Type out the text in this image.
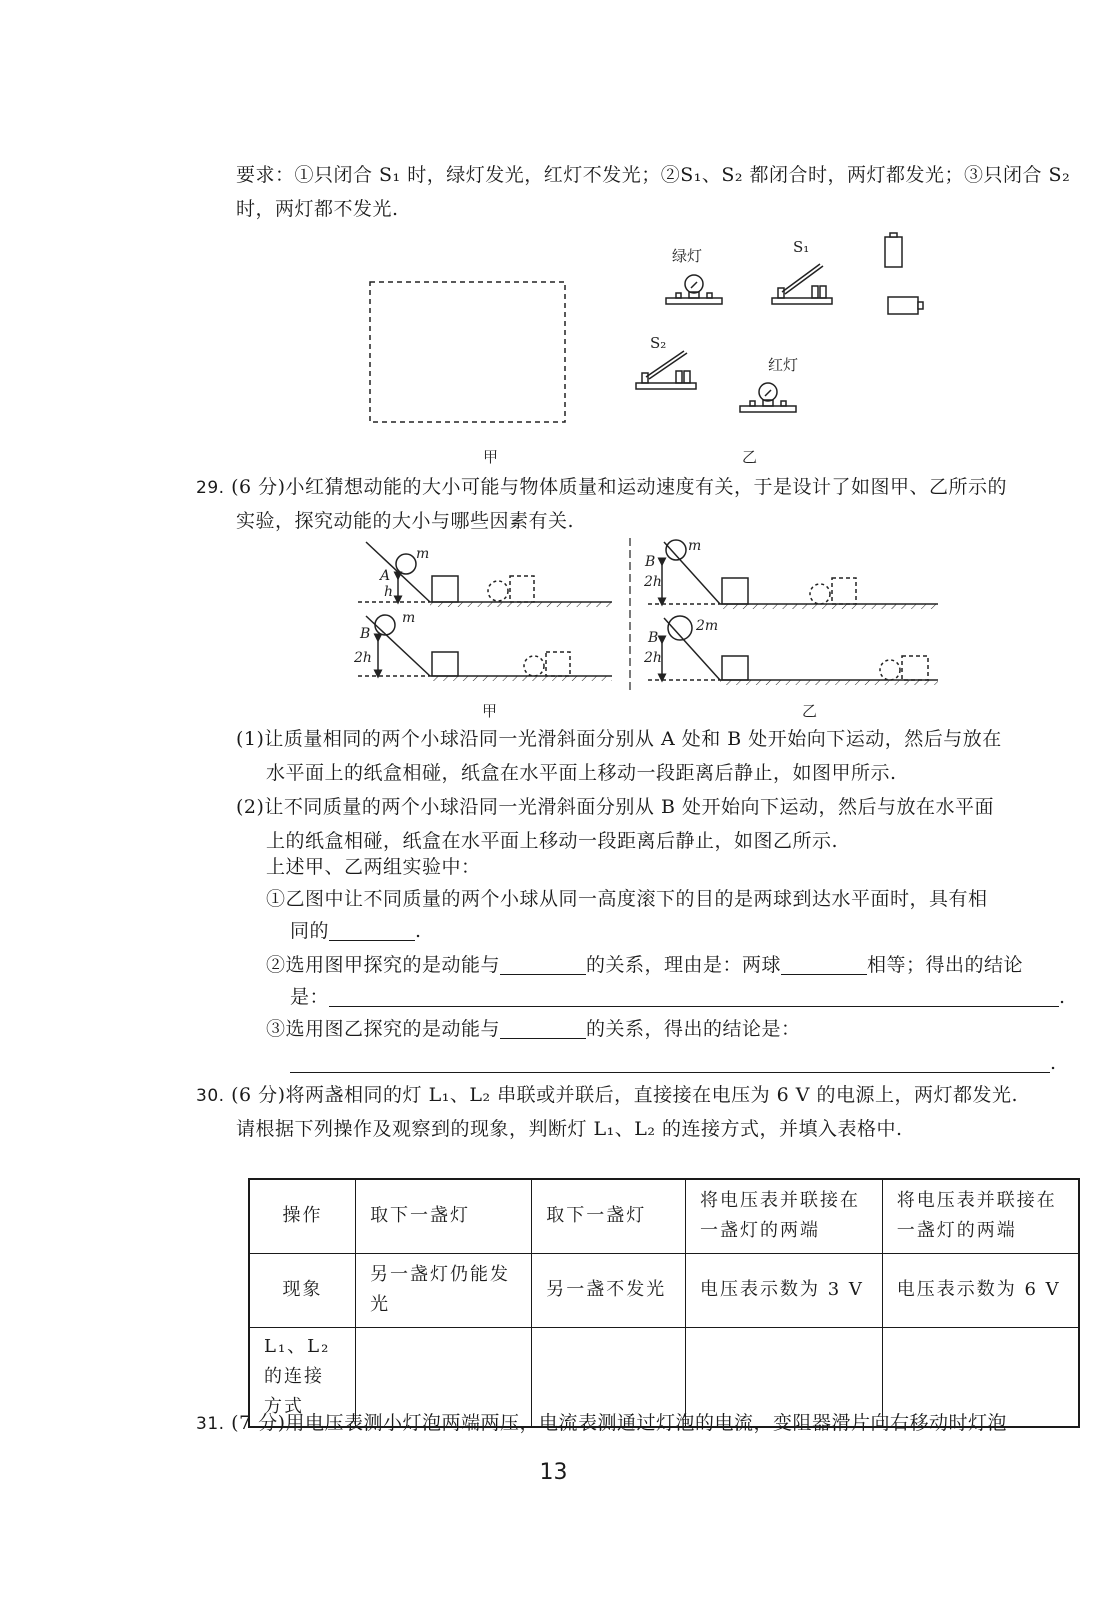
要求：①只闭合 S₁ 时，绿灯发光，红灯不发光；②S₁、S₂ 都闭合时，两灯都发光；③只闭合 S₂
时，两灯都不发光.
绿灯	S₁
S₂
红灯
甲	乙
29. (6 分)小红猜想动能的大小可能与物体质量和运动速度有关，于是设计了如图甲、乙所示的
实验，探究动能的大小与哪些因素有关.
m
A
h
m
B
2h
m
B
2h
2m
B
2h
甲	乙
(1)让质量相同的两个小球沿同一光滑斜面分别从 A 处和 B 处开始向下运动，然后与放在
水平面上的纸盒相碰，纸盒在水平面上移动一段距离后静止，如图甲所示.
(2)让不同质量的两个小球沿同一光滑斜面分别从 B 处开始向下运动，然后与放在水平面
上的纸盒相碰，纸盒在水平面上移动一段距离后静止，如图乙所示.
上述甲、乙两组实验中：
①乙图中让不同质量的两个小球从同一高度滚下的目的是两球到达水平面时，具有相
同的	.
②选用图甲探究的是动能与	的关系，理由是：两球	相等；得出的结论
是：	.
③选用图乙探究的是动能与	的关系，得出的结论是：
.
30. (6 分)将两盏相同的灯 L₁、L₂ 串联或并联后，直接接在电压为 6 V 的电源上，两灯都发光.
请根据下列操作及观察到的现象，判断灯 L₁、L₂ 的连接方式，并填入表格中.
操作	取下一盏灯	取下一盏灯	将电压表并联接在一盏灯的两端	将电压表并联接在一盏灯的两端
现象	另一盏灯仍能发光	另一盏不发光	电压表示数为 3 V	电压表示数为 6 V
L₁、L₂ 的连接方式				
31. (7 分)用电压表测小灯泡两端两压，电流表测通过灯泡的电流，变阻器滑片向右移动时灯泡
13
